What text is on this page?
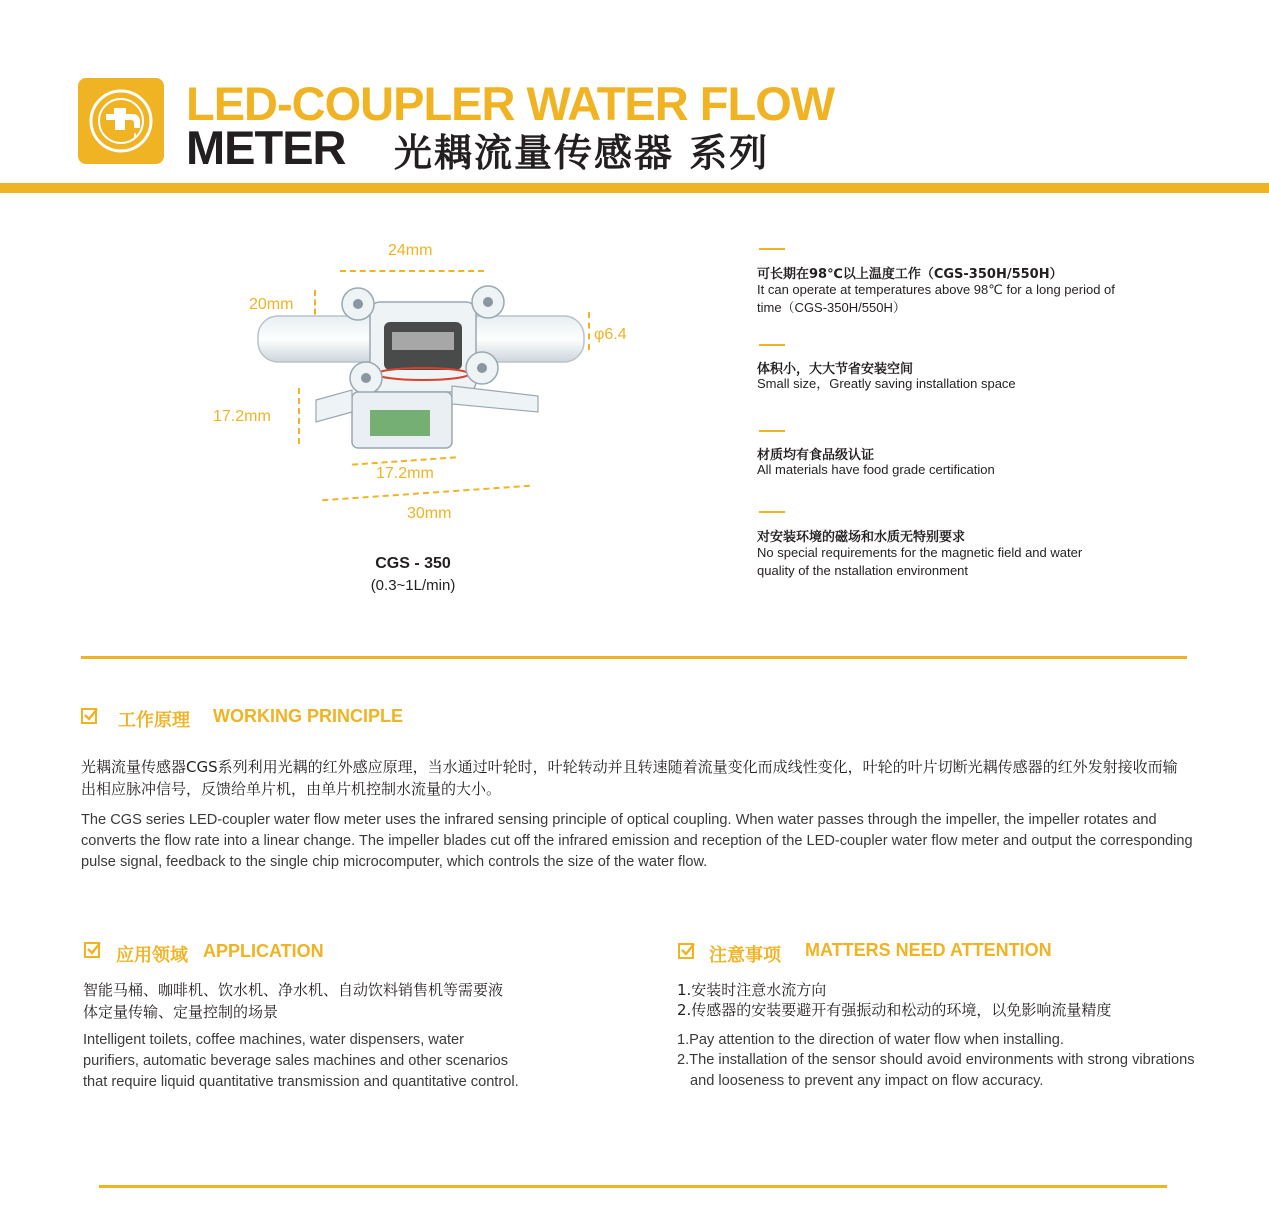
LED-COUPLER WATER FLOW
METER 光耦流量传感器 系列
24mm
20mm
φ6.4
17.2mm
17.2mm
30mm
CGS - 350
(0.3~1L/min)
可长期在98℃以上温度工作（CGS-350H/550H）
It can operate at temperatures above 98℃ for a long period of time（CGS-350H/550H）
体积小，大大节省安装空间
Small size，Greatly saving installation space
材质均有食品级认证
All materials have food grade certification
对安装环境的磁场和水质无特别要求
No special requirements for the magnetic field and water quality of the nstallation environment
工作原理 WORKING PRINCIPLE
光耦流量传感器CGS系列利用光耦的红外感应原理，当水通过叶轮时，叶轮转动并且转速随着流量变化而成线性变化，叶轮的叶片切断光耦传感器的红外发射接收而输出相应脉冲信号，反馈给单片机，由单片机控制水流量的大小。
The CGS series LED-coupler water flow meter uses the infrared sensing principle of optical coupling. When water passes through the impeller, the impeller rotates and converts the flow rate into a linear change. The impeller blades cut off the infrared emission and reception of the LED-coupler water flow meter and output the corresponding pulse signal, feedback to the single chip microcomputer, which controls the size of the water flow.
应用领域 APPLICATION
智能马桶、咖啡机、饮水机、净水机、自动饮料销售机等需要液体定量传输、定量控制的场景
Intelligent toilets, coffee machines, water dispensers, water purifiers, automatic beverage sales machines and other scenarios that require liquid quantitative transmission and quantitative control.
注意事项 MATTERS NEED ATTENTION
1.安装时注意水流方向
2.传感器的安装要避开有强振动和松动的环境，以免影响流量精度
1.Pay attention to the direction of water flow when installing.
2.The installation of the sensor should avoid environments with strong vibrations and looseness to prevent any impact on flow accuracy.
